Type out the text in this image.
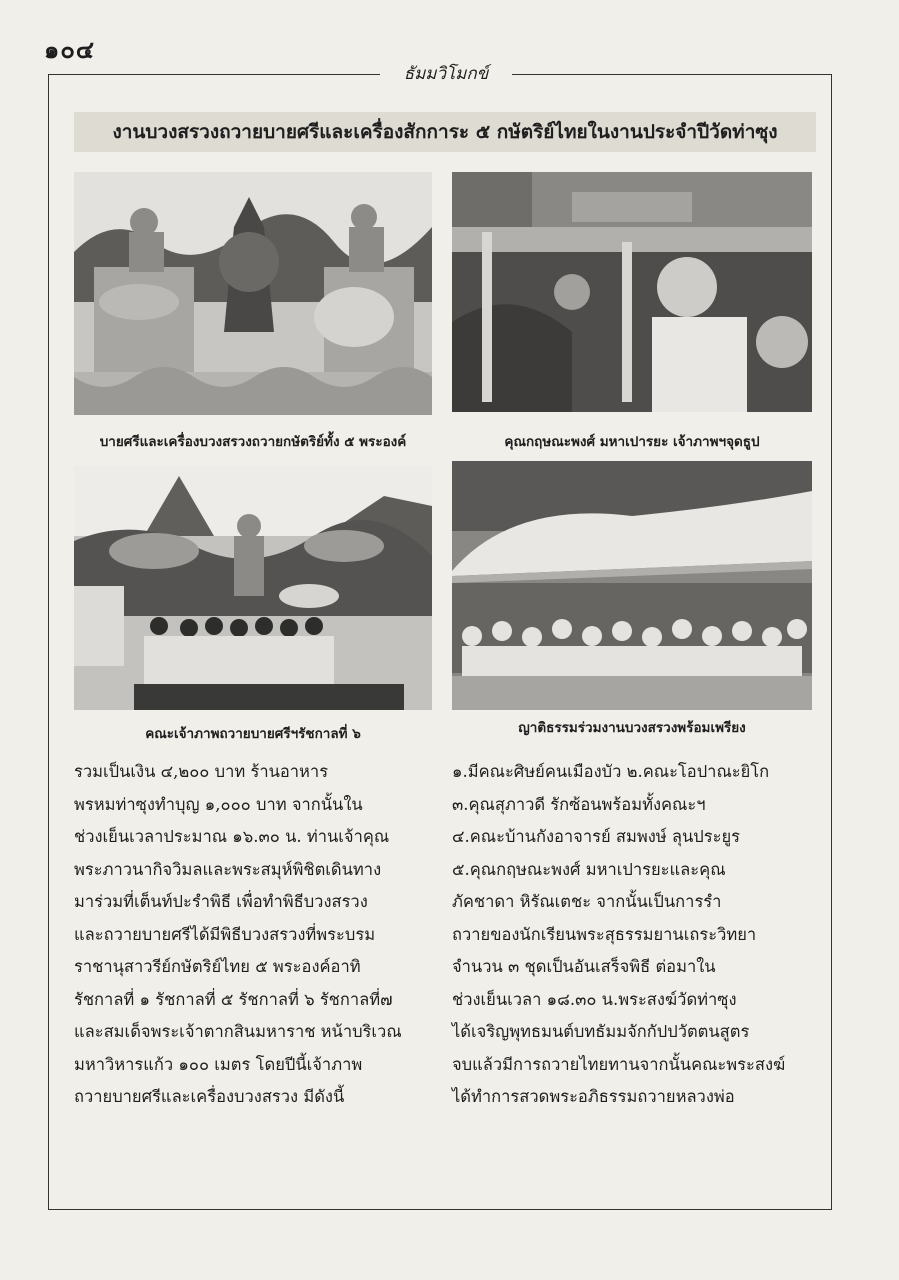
๑๐๔
ธัมมวิโมกข์
งานบวงสรวงถวายบายศรีและเครื่องสักการะ ๕ กษัตริย์ไทยในงานประจำปีวัดท่าซุง
บายศรีและเครื่องบวงสรวงถวายกษัตริย์ทั้ง ๕ พระองค์	คุณกฤษณะพงศ์ มหาเปารยะ เจ้าภาพฯจุดธูป
คณะเจ้าภาพถวายบายศรีฯรัชกาลที่ ๖	ญาติธรรมร่วมงานบวงสรวงพร้อมเพรียง

รวมเป็นเงิน ๔,๒๐๐ บาท ร้านอาหาร

พรหมท่าซุงทำบุญ ๑,๐๐๐ บาท จากนั้นใน

ช่วงเย็นเวลาประมาณ ๑๖.๓๐ น. ท่านเจ้าคุณ

พระภาวนากิจวิมลและพระสมุห์พิชิตเดินทาง

มาร่วมที่เต็นท์ปะรำพิธี เพื่อทำพิธีบวงสรวง

และถวายบายศรีได้มีพิธีบวงสรวงที่พระบรม

ราชานุสาวรีย์กษัตริย์ไทย ๕ พระองค์อาทิ

รัชกาลที่ ๑ รัชกาลที่ ๕ รัชกาลที่ ๖ รัชกาลที่๗

และสมเด็จพระเจ้าตากสินมหาราช หน้าบริเวณ

มหาวิหารแก้ว ๑๐๐ เมตร โดยปีนี้เจ้าภาพ

ถวายบายศรีและเครื่องบวงสรวง มีดังนี้

๑.มีคณะศิษย์คนเมืองบัว ๒.คณะโอปาณะยิโก

๓.คุณสุภาวดี รักซ้อนพร้อมทั้งคณะฯ

๔.คณะบ้านกังอาจารย์ สมพงษ์ ลุนประยูร

๕.คุณกฤษณะพงศ์ มหาเปารยะและคุณ

ภัคชาดา หิรัณเตชะ จากนั้นเป็นการรำ

ถวายของนักเรียนพระสุธรรมยานเถระวิทยา

จำนวน ๓ ชุดเป็นอันเสร็จพิธี ต่อมาใน

ช่วงเย็นเวลา ๑๘.๓๐ น.พระสงฆ์วัดท่าซุง

ได้เจริญพุทธมนต์บทธัมมจักกัปปวัตตนสูตร

จบแล้วมีการถวายไทยทานจากนั้นคณะพระสงฆ์

ได้ทำการสวดพระอภิธรรมถวายหลวงพ่อ
